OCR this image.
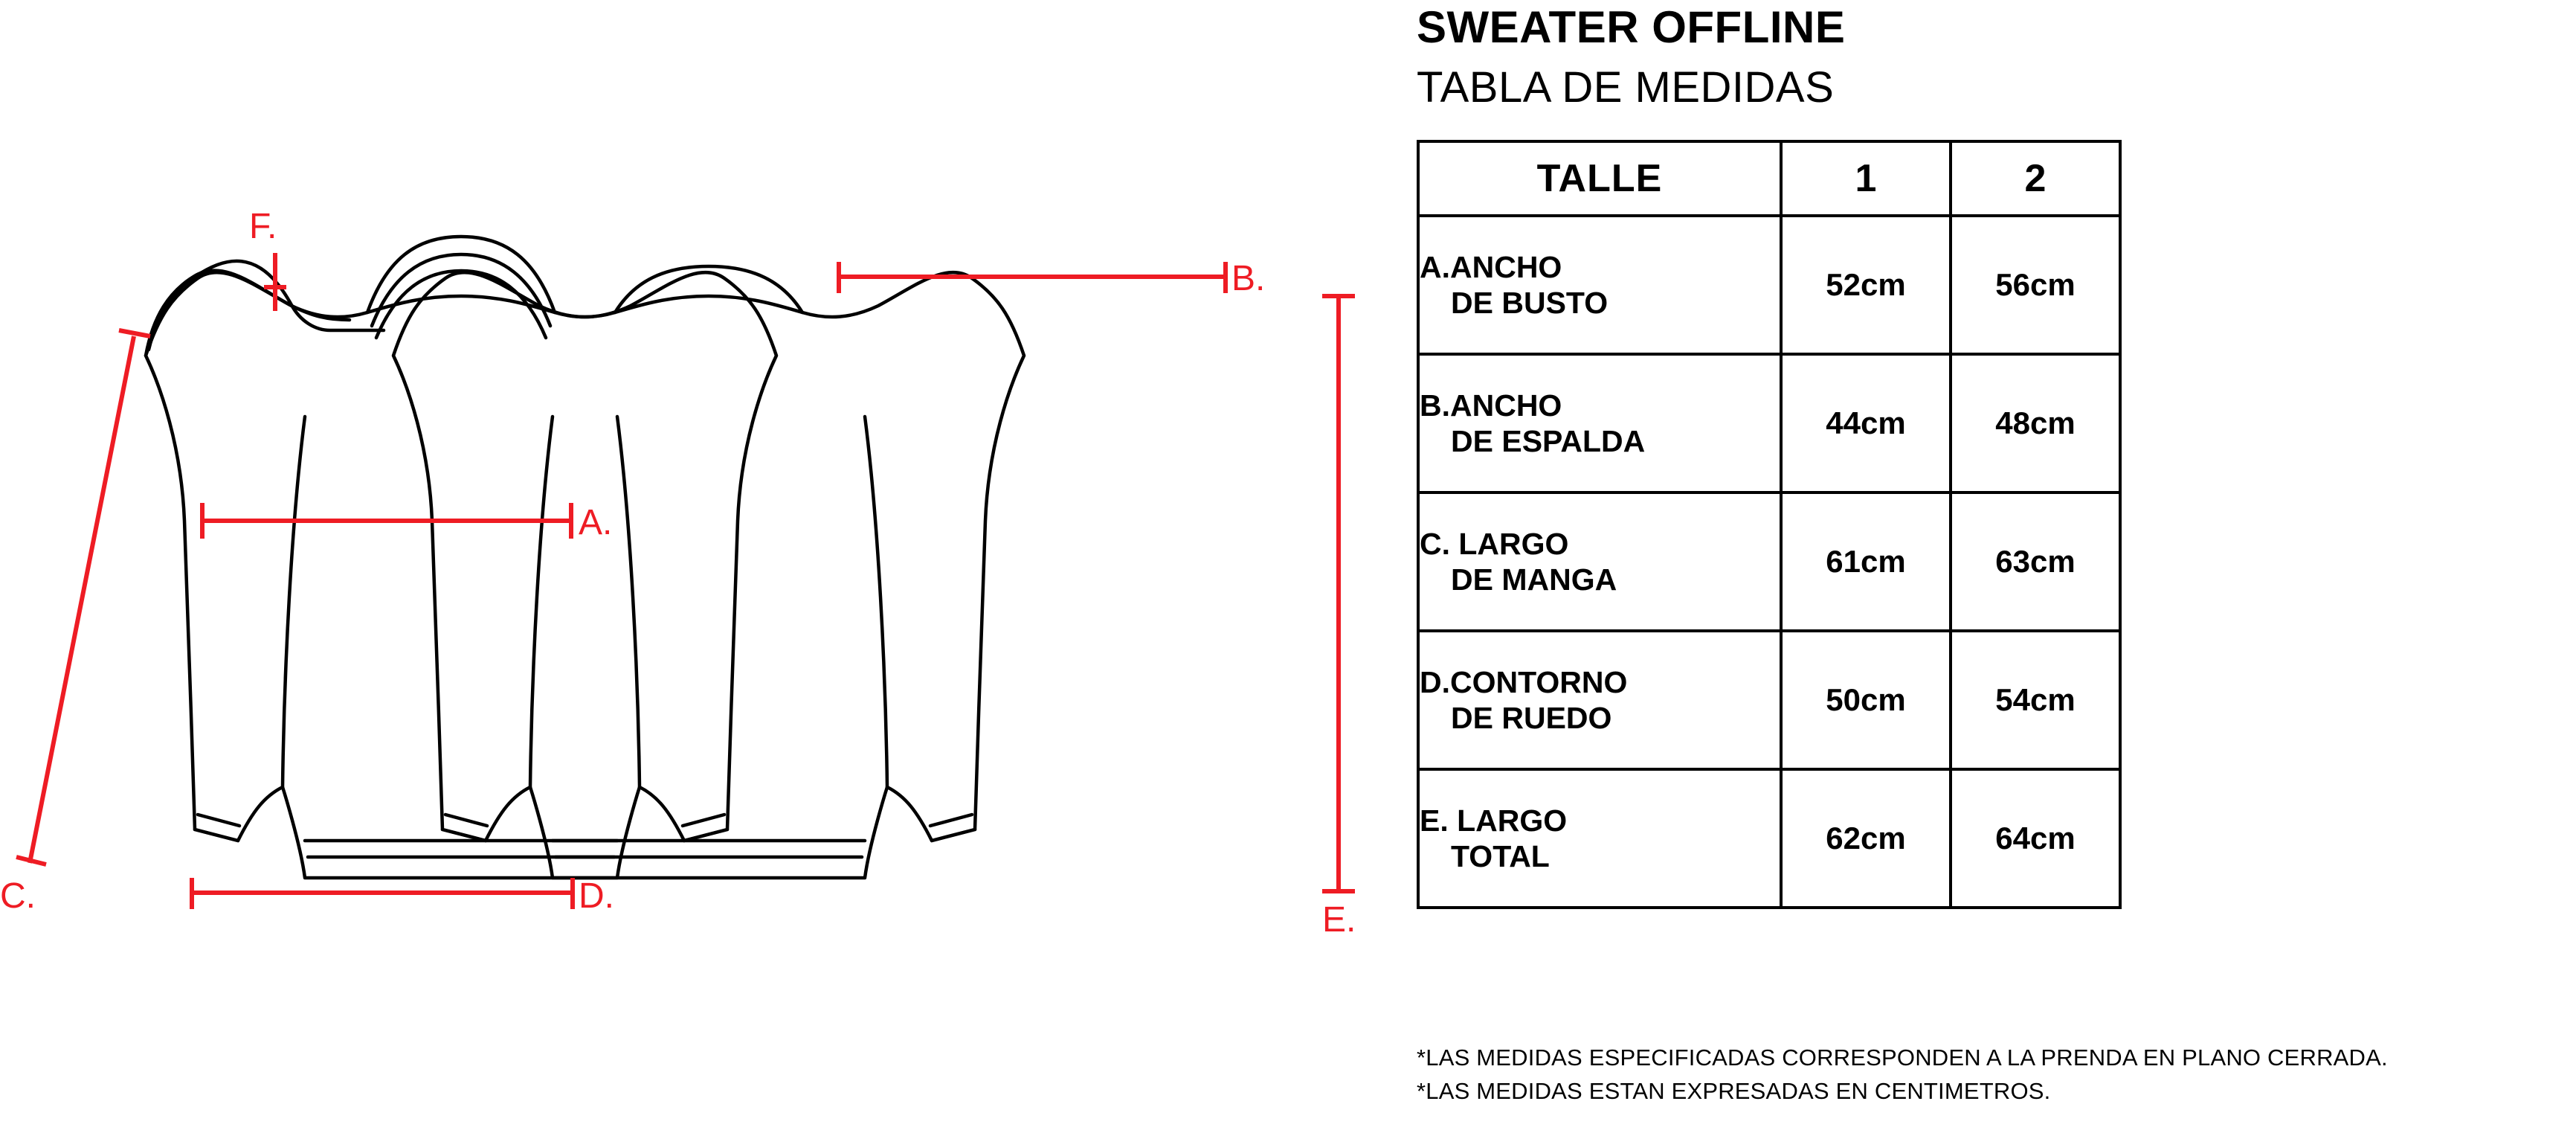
F.
C.
A.
D.
B.
E.
SWEATER OFFLINE
TABLA DE MEDIDAS
TALLE	1	2

A.ANCHO
DE BUSTO	52cm	56cm

B.ANCHO
DE ESPALDA	44cm	48cm

C. LARGO
DE MANGA	61cm	63cm

D.CONTORNO
DE RUEDO	50cm	54cm

E. LARGO
TOTAL	62cm	64cm
*LAS MEDIDAS ESPECIFICADAS CORRESPONDEN A LA PRENDA EN PLANO CERRADA.
*LAS MEDIDAS ESTAN EXPRESADAS EN CENTIMETROS.
